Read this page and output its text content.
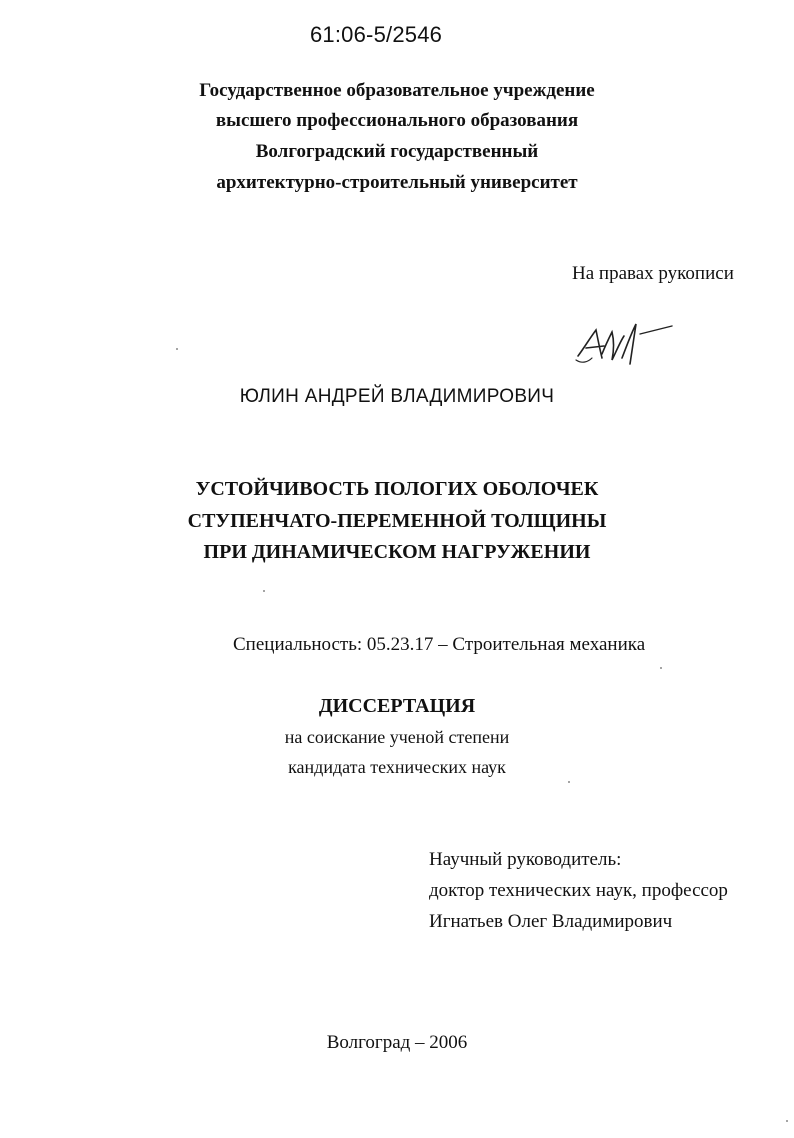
61:06-5/2546
Государственное образовательное учреждение
высшего профессионального образования
Волгоградский государственный
архитектурно-строительный университет
На правах рукописи
ЮЛИН АНДРЕЙ ВЛАДИМИРОВИЧ
УСТОЙЧИВОСТЬ ПОЛОГИХ ОБОЛОЧЕК
СТУПЕНЧАТО-ПЕРЕМЕННОЙ ТОЛЩИНЫ
ПРИ ДИНАМИЧЕСКОМ НАГРУЖЕНИИ
Специальность: 05.23.17 – Строительная механика
ДИССЕРТАЦИЯ
на соискание ученой степени
кандидата технических наук
Научный руководитель:
доктор технических наук, профессор
Игнатьев Олег Владимирович
Волгоград – 2006
